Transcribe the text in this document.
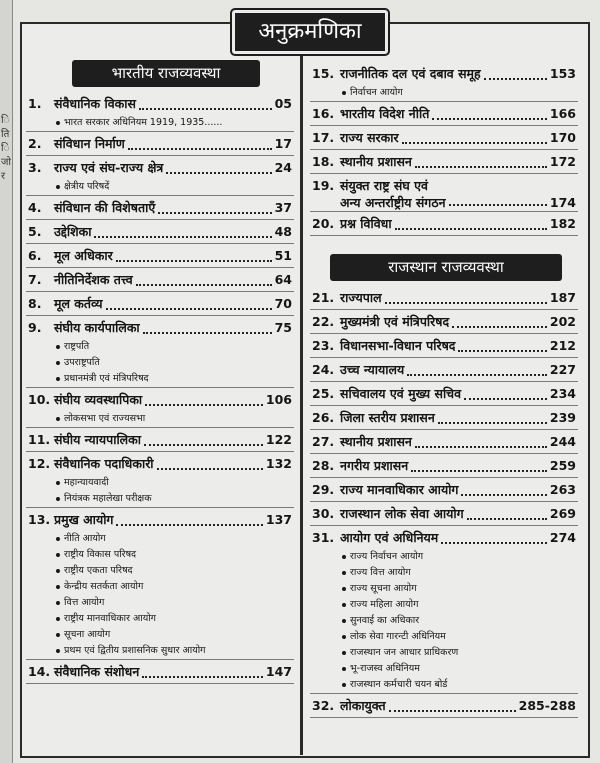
ि
ति
ि
जो
र
अनुक्रमणिका
भारतीय राजव्यवस्था
राजस्थान राजव्यवस्था
1. संवैधानिक विकास	05
भारत सरकार अधिनियम 1919, 1935......
2. संविधान निर्माण	17
3. राज्य एवं संघ-राज्य क्षेत्र	24
क्षेत्रीय परिषदें
4. संविधान की विशेषताएँ	37
5. उद्देशिका	48
6. मूल अधिकार	51
7. नीतिनिर्देशक तत्त्व	64
8. मूल कर्तव्य	70
9. संघीय कार्यपालिका	75
राष्ट्रपति
उपराष्ट्रपति
प्रधानमंत्री एवं मंत्रिपरिषद
10. संघीय व्यवस्थापिका	106
लोकसभा एवं राज्यसभा
11. संघीय न्यायपालिका	122
12. संवैधानिक पदाधिकारी	132
महान्यायवादी
नियंत्रक महालेखा परीक्षक
13. प्रमुख आयोग	137
नीति आयोग
राष्ट्रीय विकास परिषद
राष्ट्रीय एकता परिषद
केन्द्रीय सतर्कता आयोग
वित्त आयोग
राष्ट्रीय मानवाधिकार आयोग
सूचना आयोग
प्रथम एवं द्वितीय प्रशासनिक सुधार आयोग
14. संवैधानिक संशोधन	147
15. राजनीतिक दल एवं दबाव समूह	153
निर्वाचन आयोग
16. भारतीय विदेश नीति	166
17. राज्य सरकार	170
18. स्थानीय प्रशासन	172
19. संयुक्त राष्ट्र संघ एवं
अन्य अन्तर्राष्ट्रीय संगठन	174
20. प्रश्न विविधा	182
21. राज्यपाल	187
22. मुख्यमंत्री एवं मंत्रिपरिषद	202
23. विधानसभा-विधान परिषद	212
24. उच्च न्यायालय	227
25. सचिवालय एवं मुख्य सचिव	234
26. जिला स्तरीय प्रशासन	239
27. स्थानीय प्रशासन	244
28. नगरीय प्रशासन	259
29. राज्य मानवाधिकार आयोग	263
30. राजस्थान लोक सेवा आयोग	269
31. आयोग एवं अधिनियम	274
राज्य निर्वाचन आयोग
राज्य वित्त आयोग
राज्य सूचना आयोग
राज्य महिला आयोग
सुनवाई का अधिकार
लोक सेवा गारन्टी अधिनियम
राजस्थान जन आधार प्राधिकरण
भू-राजस्व अधिनियम
राजस्थान कर्मचारी चयन बोर्ड
32. लोकायुक्त	285-288
